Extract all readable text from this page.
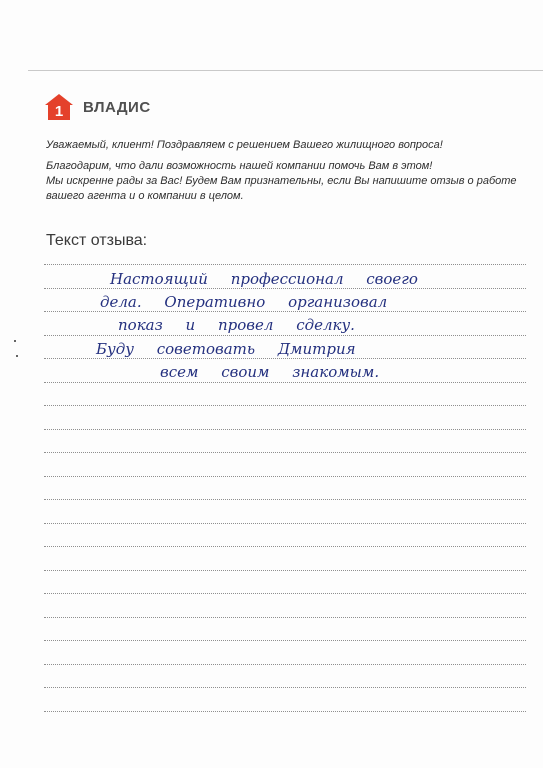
1 ВЛАДИС

Уважаемый, клиент! Поздравляем с решением Вашего жилищного вопроса!

Благодарим, что дали возможность нашей компании помочь Вам в этом!

Мы искренне рады за Вас! Будем Вам признательны, если Вы напишите отзыв о работе

вашего агента и о компании в целом.

Текст отзыва:
Настоящий профессионал своего
дела. Оперативно организовал
показ и провел сделку.
Буду советовать Дмитрия
всем своим знакомым.
